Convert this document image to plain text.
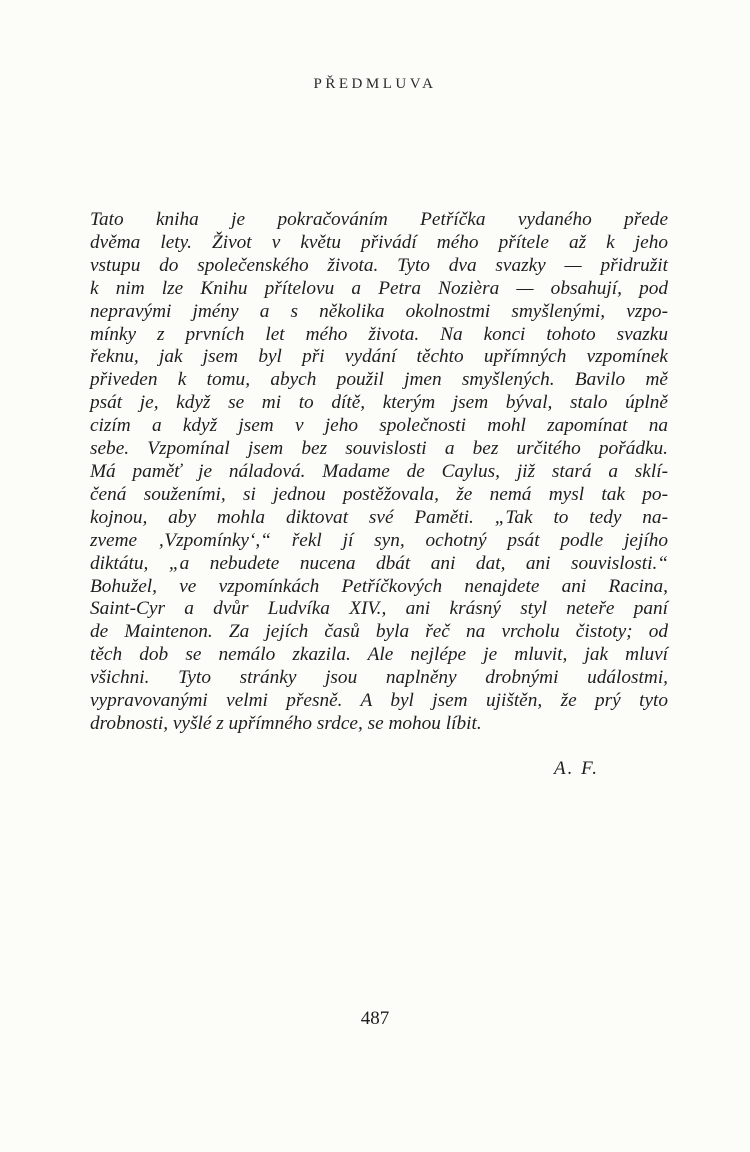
PŘEDMLUVA
Tato kniha je pokračováním Petříčka vydaného přede
dvěma lety. Život v květu přivádí mého přítele až k jeho
vstupu do společenského života. Tyto dva svazky — přidružit
k nim lze Knihu přítelovu a Petra Nozièra — obsahují, pod
nepravými jmény a s několika okolnostmi smyšlenými, vzpo-
mínky z prvních let mého života. Na konci tohoto svazku
řeknu, jak jsem byl při vydání těchto upřímných vzpomínek
přiveden k tomu, abych použil jmen smyšlených. Bavilo mě
psát je, když se mi to dítě, kterým jsem býval, stalo úplně
cizím a když jsem v jeho společnosti mohl zapomínat na
sebe. Vzpomínal jsem bez souvislosti a bez určitého pořádku.
Má paměť je náladová. Madame de Caylus, již stará a sklí-
čená souženími, si jednou postěžovala, že nemá mysl tak po-
kojnou, aby mohla diktovat své Paměti. „Tak to tedy na-
zveme ‚Vzpomínky‘,“ řekl jí syn, ochotný psát podle jejího
diktátu, „a nebudete nucena dbát ani dat, ani souvislosti.“
Bohužel, ve vzpomínkách Petříčkových nenajdete ani Racina,
Saint-Cyr a dvůr Ludvíka XIV., ani krásný styl neteře paní
de Maintenon. Za jejích časů byla řeč na vrcholu čistoty; od
těch dob se nemálo zkazila. Ale nejlépe je mluvit, jak mluví
všichni. Tyto stránky jsou naplněny drobnými událostmi,
vypravovanými velmi přesně. A byl jsem ujištěn, že prý tyto
drobnosti, vyšlé z upřímného srdce, se mohou líbit.
A. F.
487
